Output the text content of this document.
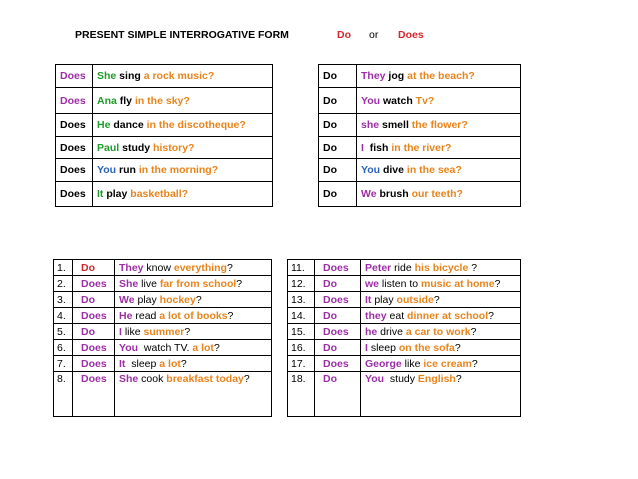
PRESENT SIMPLE INTERROGATIVE FORM	Do or Does
Does	She sing a rock music?
Does	Ana fly in the sky?
Does	He dance in the discotheque?
Does	Paul study history?
Does	You run in the morning?
Does	It play basketball?
Do	They jog at the beach?
Do	You watch Tv?
Do	she smell the flower?
Do	I  fish in the river?
Do	You dive in the sea?
Do	We brush our teeth?
1.	Do	They know everything?
2.	Does	She live far from school?
3.	Do	We play hockey?
4.	Does	He read a lot of books?
5.	Do	I like summer?
6.	Does	You  watch TV. a lot?
7.	Does	It  sleep a lot?
8.	Does	She cook breakfast today?
11.	Does	Peter ride his bicycle ?
12.	Do	we listen to music at home?
13.	Does	It play outside?
14.	Do	they eat dinner at school?
15.	Does	he drive a car to work?
16.	Do	I sleep on the sofa?
17.	Does	George like ice cream?
18.	Do	You  study English?
